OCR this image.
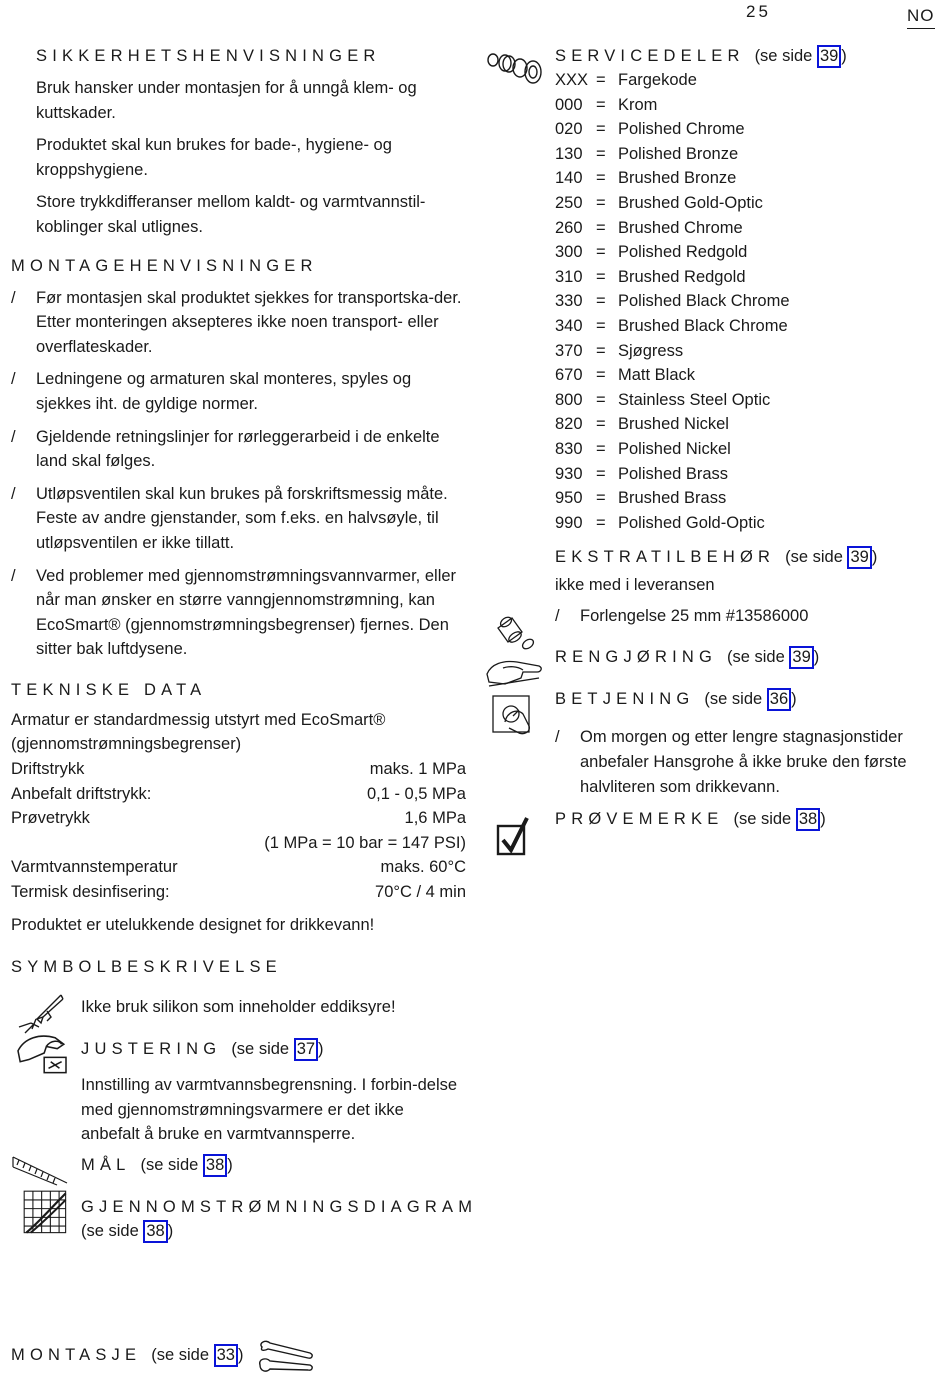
25	NO
SIKKERHETSHENVISNINGER
Bruk hansker under montasjen for å unngå klem- og kuttskader.
Produktet skal kun brukes for bade-, hygiene- og kroppshygiene.
Store trykkdifferanser mellom kaldt- og varmtvannstil-koblinger skal utlignes.
MONTAGEHENVISNINGER
/ Før montasjen skal produktet sjekkes for transportska-der. Etter monteringen aksepteres ikke noen transport- eller overflateskader.
/ Ledningene og armaturen skal monteres, spyles og sjekkes iht. de gyldige normer.
/ Gjeldende retningslinjer for rørleggerarbeid i de enkelte land skal følges.
/ Utløpsventilen skal kun brukes på forskriftsmessig måte. Feste av andre gjenstander, som f.eks. en halvsøyle, til utløpsventilen er ikke tillatt.
/ Ved problemer med gjennomstrømningsvannvarmer, eller når man ønsker en større vanngjennomstrømning, kan EcoSmart® (gjennomstrømningsbegrenser) fjernes. Den sitter bak luftdysene.
TEKNISKE DATA
Armatur er standardmessig utstyrt med EcoSmart® (gjennomstrømningsbegrenser)
Driftstrykk	maks. 1 MPa
Anbefalt driftstrykk:	0,1 - 0,5 MPa
Prøvetrykk	1,6 MPa
(1 MPa = 10 bar = 147 PSI)
Varmtvannstemperatur	maks. 60°C
Termisk desinfisering:	70°C / 4 min
Produktet er utelukkende designet for drikkevann!
SYMBOLBESKRIVELSE
Ikke bruk silikon som inneholder eddiksyre!
JUSTERING (se side 37 )
Innstilling av varmtvannsbegrensning. I forbin-delse med gjennomstrømningsvarmere er det ikke anbefalt å bruke en varmtvannsperre.
MÅL (se side 38 )
GJENNOMSTRØMNINGSDIAGRAM
(se side 38 )
MONTASJE (se side 33 )
SERVICEDELER (se side 39 )
XXX = Fargekode
000 = Krom
020 = Polished Chrome
130 = Polished Bronze
140 = Brushed Bronze
250 = Brushed Gold-Optic
260 = Brushed Chrome
300 = Polished Redgold
310 = Brushed Redgold
330 = Polished Black Chrome
340 = Brushed Black Chrome
370 = Sjøgress
670 = Matt Black
800 = Stainless Steel Optic
820 = Brushed Nickel
830 = Polished Nickel
930 = Polished Brass
950 = Brushed Brass
990 = Polished Gold-Optic
EKSTRATILBEHØR (se side 39 )
ikke med i leveransen
/ Forlengelse 25 mm #13586000
RENGJØRING (se side 39 )
BETJENING (se side 36 )
/ Om morgen og etter lengre stagnasjonstider anbefaler Hansgrohe å ikke bruke den første halvliteren som drikkevann.
PRØVEMERKE (se side 38 )
